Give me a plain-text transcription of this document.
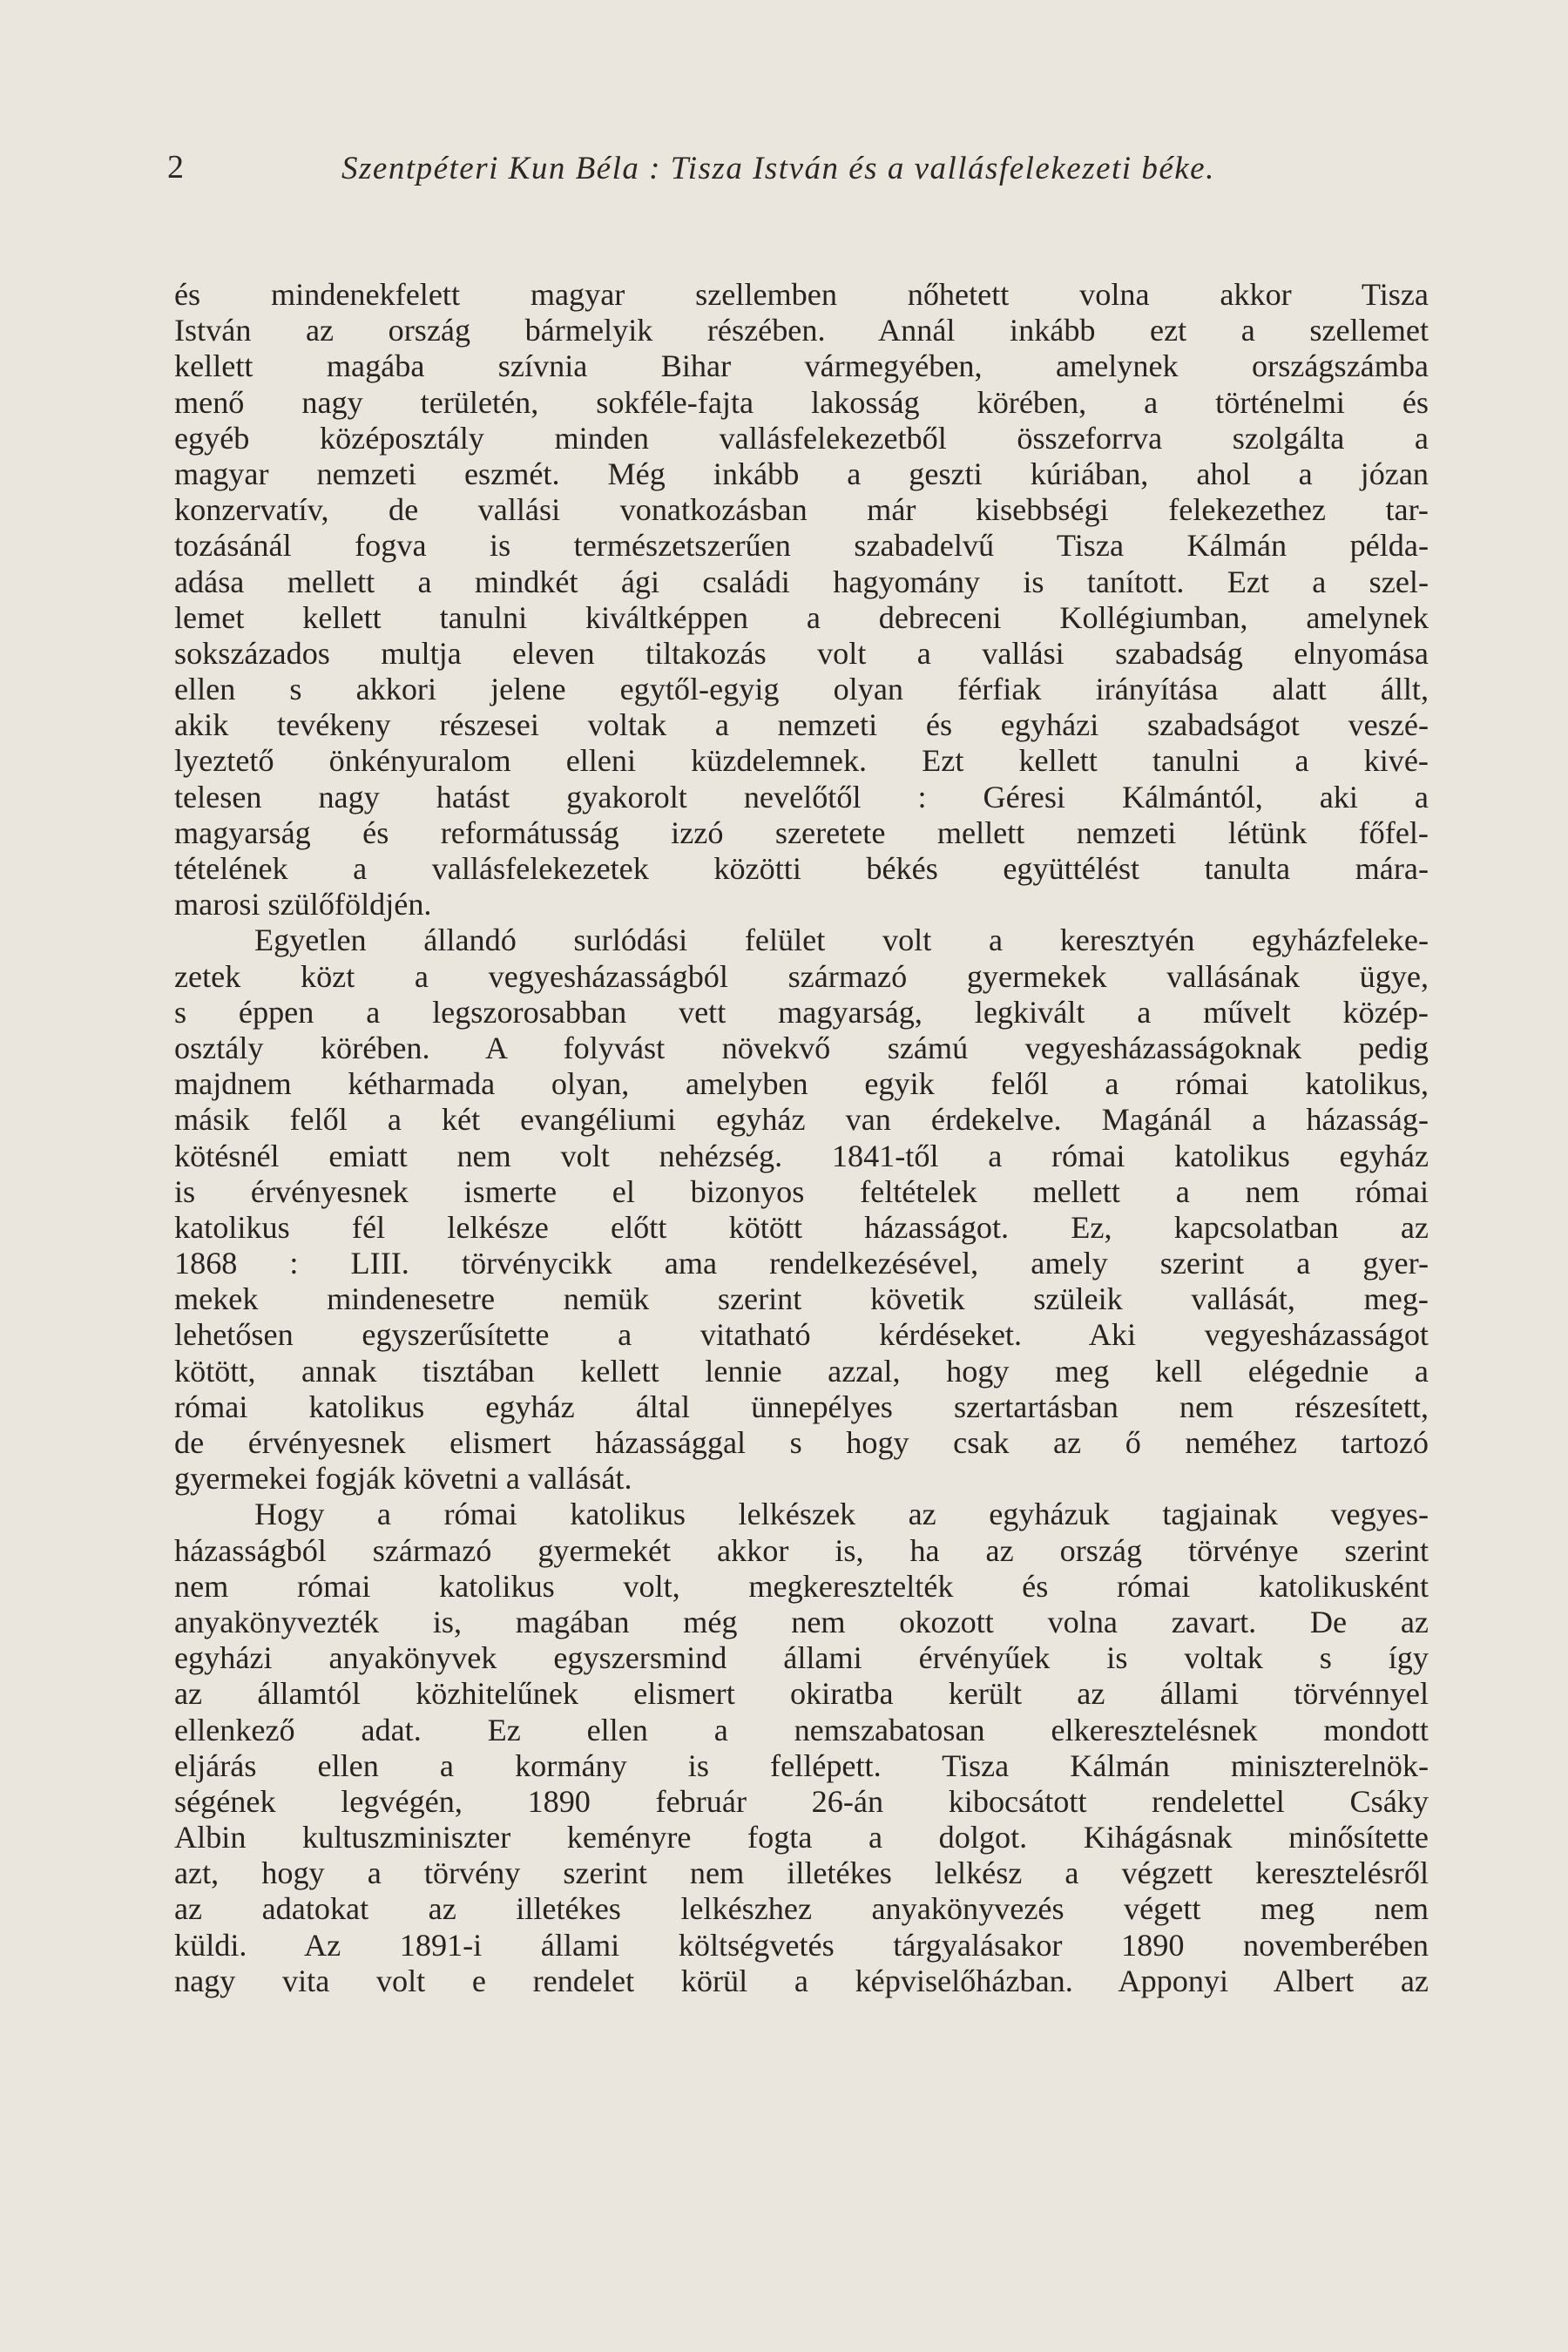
2	Szentpéteri Kun Béla : Tisza István és a vallásfelekezeti béke.
és mindenekfelett magyar szellemben nőhetett volna akkor Tisza
István az ország bármelyik részében. Annál inkább ezt a szellemet
kellett magába szívnia Bihar vármegyében, amelynek országszámba
menő nagy területén, sokféle-fajta lakosság körében, a történelmi és
egyéb középosztály minden vallásfelekezetből összeforrva szolgálta a
magyar nemzeti eszmét. Még inkább a geszti kúriában, ahol a józan
konzervatív, de vallási vonatkozásban már kisebbségi felekezethez tar-
tozásánál fogva is természetszerűen szabadelvű Tisza Kálmán példa-
adása mellett a mindkét ági családi hagyomány is tanított. Ezt a szel-
lemet kellett tanulni kiváltképpen a debreceni Kollégiumban, amelynek
sokszázados multja eleven tiltakozás volt a vallási szabadság elnyomása
ellen s akkori jelene egytől-egyig olyan férfiak irányítása alatt állt,
akik tevékeny részesei voltak a nemzeti és egyházi szabadságot veszé-
lyeztető önkényuralom elleni küzdelemnek. Ezt kellett tanulni a kivé-
telesen nagy hatást gyakorolt nevelőtől : Géresi Kálmántól, aki a
magyarság és reformátusság izzó szeretete mellett nemzeti létünk főfel-
tételének a vallásfelekezetek közötti békés együttélést tanulta mára-
marosi szülőföldjén.
Egyetlen állandó surlódási felület volt a keresztyén egyházfeleke-
zetek közt a vegyesházasságból származó gyermekek vallásának ügye,
s éppen a legszorosabban vett magyarság, legkivált a művelt közép-
osztály körében. A folyvást növekvő számú vegyesházasságoknak pedig
majdnem kétharmada olyan, amelyben egyik felől a római katolikus,
másik felől a két evangéliumi egyház van érdekelve. Magánál a házasság-
kötésnél emiatt nem volt nehézség. 1841-től a római katolikus egyház
is érvényesnek ismerte el bizonyos feltételek mellett a nem római
katolikus fél lelkésze előtt kötött házasságot. Ez, kapcsolatban az
1868 : LIII. törvénycikk ama rendelkezésével, amely szerint a gyer-
mekek mindenesetre nemük szerint követik szüleik vallását, meg-
lehetősen egyszerűsítette a vitatható kérdéseket. Aki vegyesházasságot
kötött, annak tisztában kellett lennie azzal, hogy meg kell elégednie a
római katolikus egyház által ünnepélyes szertartásban nem részesített,
de érvényesnek elismert házassággal s hogy csak az ő neméhez tartozó
gyermekei fogják követni a vallását.
Hogy a római katolikus lelkészek az egyházuk tagjainak vegyes-
házasságból származó gyermekét akkor is, ha az ország törvénye szerint
nem római katolikus volt, megkeresztelték és római katolikusként
anyakönyvezték is, magában még nem okozott volna zavart. De az
egyházi anyakönyvek egyszersmind állami érvényűek is voltak s így
az államtól közhitelűnek elismert okiratba került az állami törvénnyel
ellenkező adat. Ez ellen a nemszabatosan elkeresztelésnek mondott
eljárás ellen a kormány is fellépett. Tisza Kálmán miniszterelnök-
ségének legvégén, 1890 február 26-án kibocsátott rendelettel Csáky
Albin kultuszminiszter keményre fogta a dolgot. Kihágásnak minősítette
azt, hogy a törvény szerint nem illetékes lelkész a végzett keresztelésről
az adatokat az illetékes lelkészhez anyakönyvezés végett meg nem
küldi. Az 1891-i állami költségvetés tárgyalásakor 1890 novemberében
nagy vita volt e rendelet körül a képviselőházban. Apponyi Albert az
